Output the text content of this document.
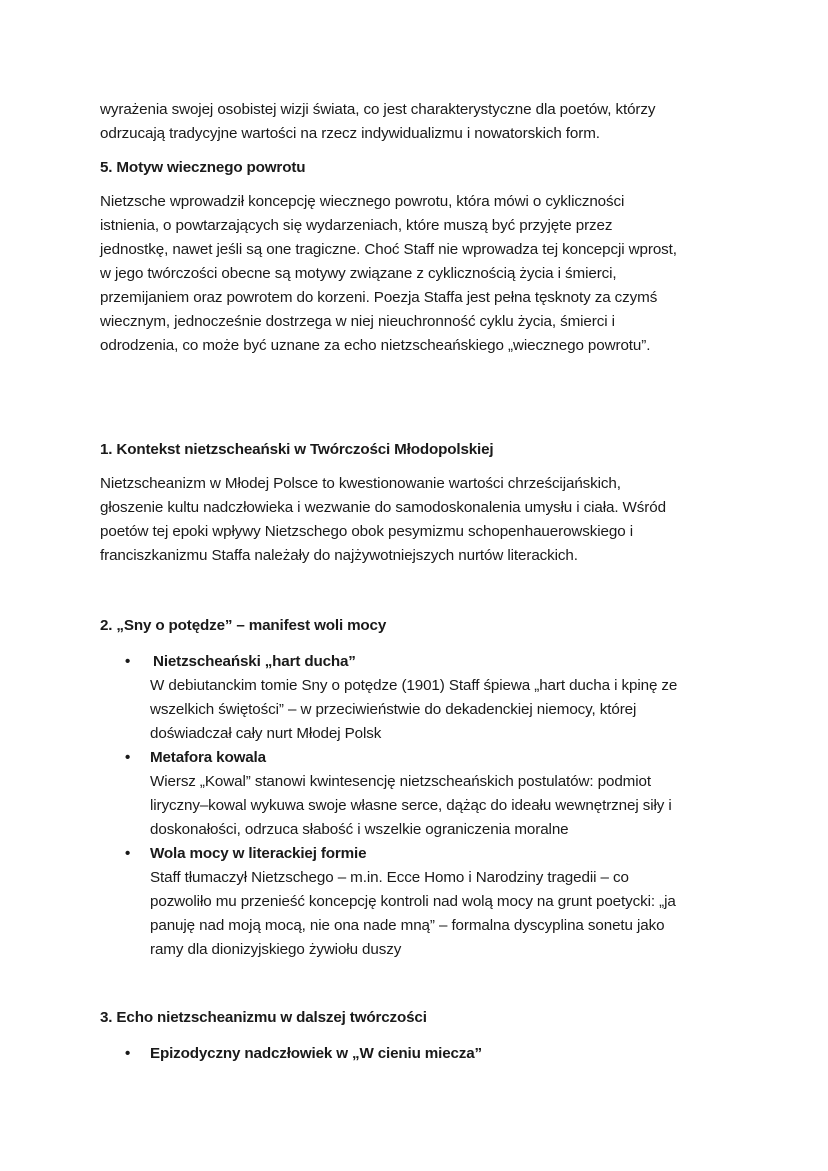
wyrażenia swojej osobistej wizji świata, co jest charakterystyczne dla poetów, którzy
odrzucają tradycyjne wartości na rzecz indywidualizmu i nowatorskich form.
5. Motyw wiecznego powrotu
Nietzsche wprowadził koncepcję wiecznego powrotu, która mówi o cykliczności
istnienia, o powtarzających się wydarzeniach, które muszą być przyjęte przez
jednostkę, nawet jeśli są one tragiczne. Choć Staff nie wprowadza tej koncepcji wprost,
w jego twórczości obecne są motywy związane z cyklicznością życia i śmierci,
przemijaniem oraz powrotem do korzeni. Poezja Staffa jest pełna tęsknoty za czymś
wiecznym, jednocześnie dostrzega w niej nieuchronność cyklu życia, śmierci i
odrodzenia, co może być uznane za echo nietzscheańskiego „wiecznego powrotu”.
1. Kontekst nietzscheański w Twórczości Młodopolskiej
Nietzscheanizm w Młodej Polsce to kwestionowanie wartości chrześcijańskich,
głoszenie kultu nadczłowieka i wezwanie do samodoskonalenia umysłu i ciała. Wśród
poetów tej epoki wpływy Nietzschego obok pesymizmu schopenhauerowskiego i
franciszkanizmu Staffa należały do najżywotniejszych nurtów literackich.
2. „Sny o potędze” – manifest woli mocy
• Nietzscheański „hart ducha”
W debiutanckim tomie Sny o potędze (1901) Staff śpiewa „hart ducha i kpinę ze
wszelkich świętości” – w przeciwieństwie do dekadenckiej niemocy, której
doświadczał cały nurt Młodej Polsk
• Metafora kowala
Wiersz „Kowal” stanowi kwintesencję nietzscheańskich postulatów: podmiot
liryczny–kowal wykuwa swoje własne serce, dążąc do ideału wewnętrznej siły i
doskonałości, odrzuca słabość i wszelkie ograniczenia moralne
• Wola mocy w literackiej formie
Staff tłumaczył Nietzschego – m.in. Ecce Homo i Narodziny tragedii – co
pozwoliło mu przenieść koncepcję kontroli nad wolą mocy na grunt poetycki: „ja
panuję nad moją mocą, nie ona nade mną” – formalna dyscyplina sonetu jako
ramy dla dionizyjskiego żywiołu duszy
3. Echo nietzscheanizmu w dalszej twórczości
• Epizodyczny nadczłowiek w „W cieniu miecza”
